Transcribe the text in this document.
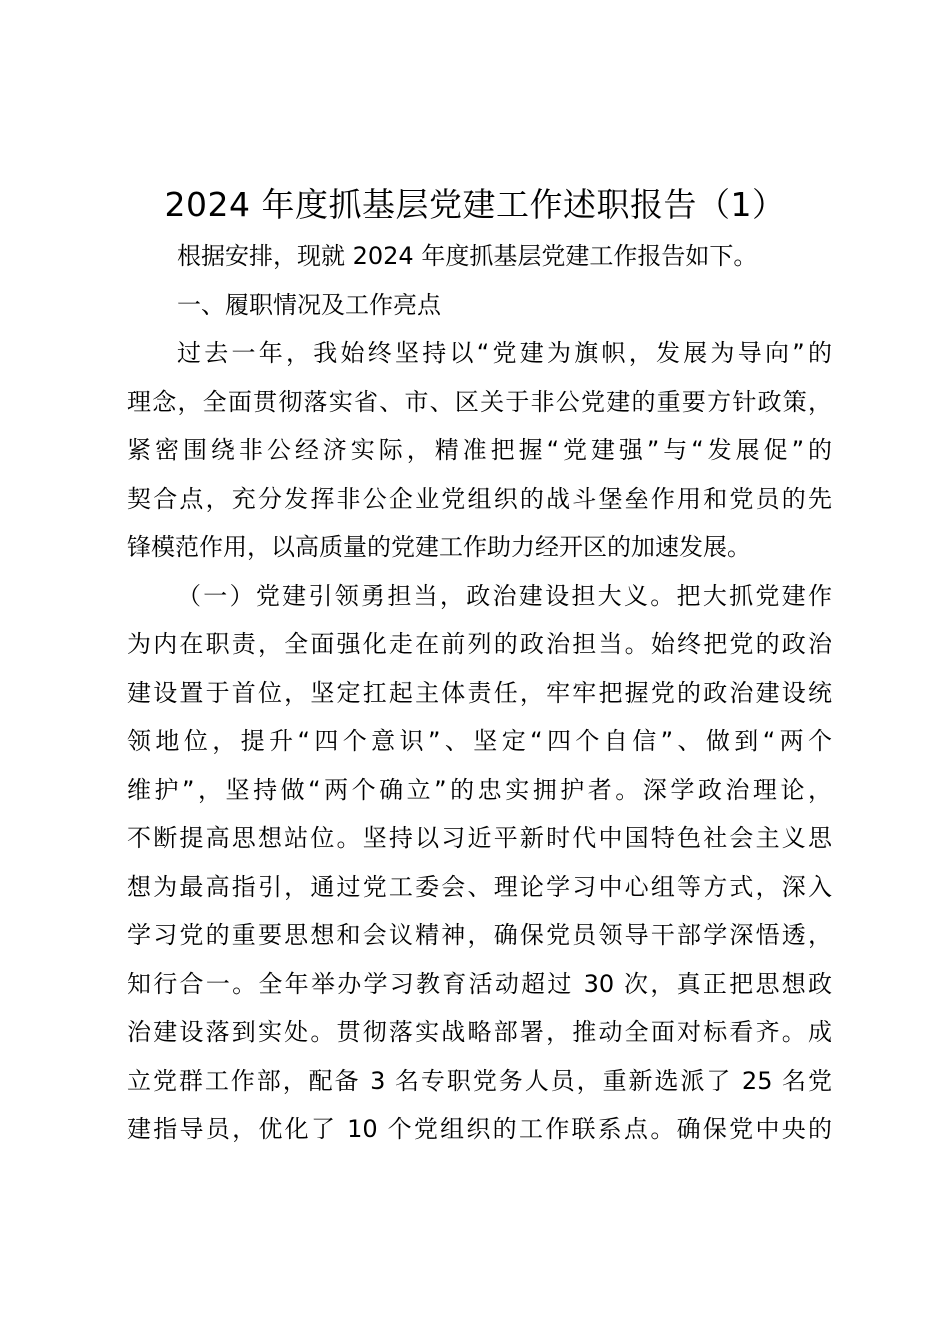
2024 年度抓基层党建工作述职报告（1）
根据安排，现就 2024 年度抓基层党建工作报告如下。
一、履职情况及工作亮点
过去一年，我始终坚持以“党建为旗帜，发展为导向”的
理念，全面贯彻落实省、市、区关于非公党建的重要方针政策，
紧密围绕非公经济实际，精准把握“党建强”与“发展促”的
契合点，充分发挥非公企业党组织的战斗堡垒作用和党员的先
锋模范作用，以高质量的党建工作助力经开区的加速发展。
（一）党建引领勇担当，政治建设担大义。把大抓党建作
为内在职责，全面强化走在前列的政治担当。始终把党的政治
建设置于首位，坚定扛起主体责任，牢牢把握党的政治建设统
领地位，提升“四个意识”、坚定“四个自信”、做到“两个
维护”，坚持做“两个确立”的忠实拥护者。深学政治理论，
不断提高思想站位。坚持以习近平新时代中国特色社会主义思
想为最高指引，通过党工委会、理论学习中心组等方式，深入
学习党的重要思想和会议精神，确保党员领导干部学深悟透，
知行合一。全年举办学习教育活动超过 30 次，真正把思想政
治建设落到实处。贯彻落实战略部署，推动全面对标看齐。成
立党群工作部，配备 3 名专职党务人员，重新选派了 25 名党
建指导员，优化了 10 个党组织的工作联系点。确保党中央的
